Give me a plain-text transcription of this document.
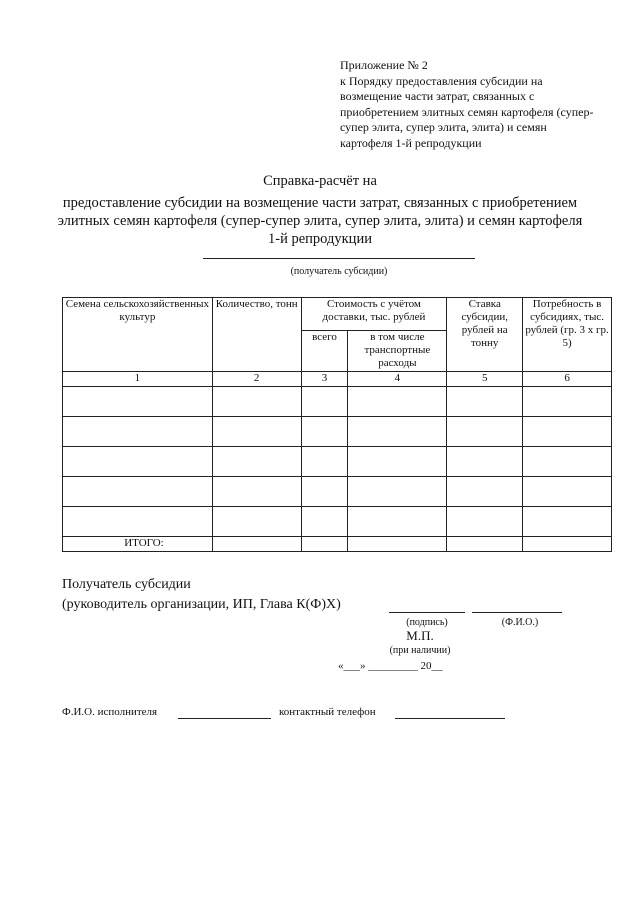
Приложение № 2
к Порядку предоставления субсидии на
возмещение части затрат, связанных с
приобретением элитных семян картофеля (супер-
супер элита, супер элита, элита) и семян
картофеля 1-й репродукции
Справка-расчёт на
предоставление субсидии на возмещение части затрат, связанных с приобретением
элитных семян картофеля (супер-супер элита, супер элита, элита) и семян картофеля
1-й репродукции
(получатель субсидии)
Семена сельскохозяйственных культур	Количество, тонн	Стоимость с учётом доставки, тыс. рублей		Ставка субсидии, рублей на тонну	Потребность в субсидиях, тыс. рублей (гр. 3 х гр. 5)
		всего	в том числе транспортные расходы		
1	2	3	4	5	6

ИТОГО:					
Получатель субсидии
(руководитель организации, ИП, Глава К(Ф)Х)
(подпись)	(Ф.И.О.)
М.П.
(при наличии)
«___» _________ 20__
Ф.И.О. исполнителя	контактный телефон
